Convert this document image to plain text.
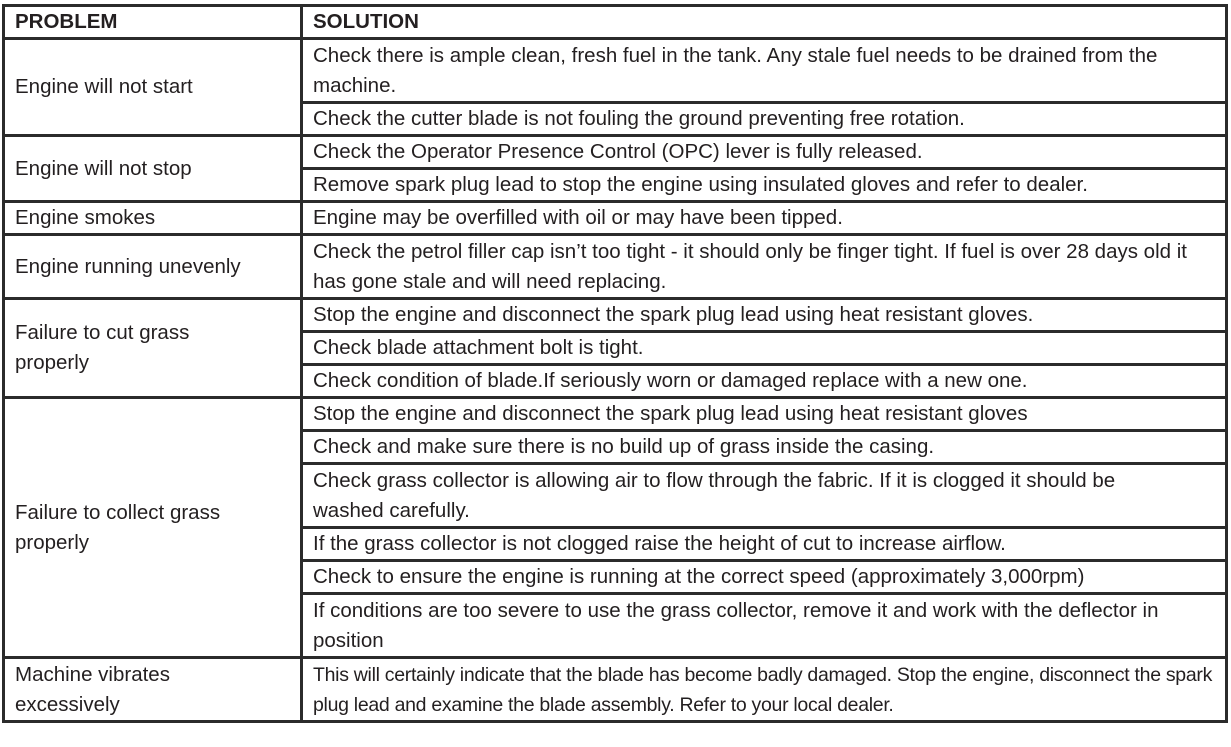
PROBLEM	SOLUTION
Engine will not start	Check there is ample clean, fresh fuel in the tank. Any stale fuel needs to be drained from the machine.
	Check the cutter blade is not fouling the ground preventing free rotation.
Engine will not stop	Check the Operator Presence Control (OPC) lever is fully released.
	Remove spark plug lead to stop the engine using insulated gloves and refer to dealer.
Engine smokes	Engine may be overfilled with oil or may have been tipped.
Engine running unevenly	Check the petrol filler cap isn’t too tight - it should only be finger tight. If fuel is over 28 days old it has gone stale and will need replacing.
Failure to cut grass properly	Stop the engine and disconnect the spark plug lead using heat resistant gloves.
	Check blade attachment bolt is tight.
	Check condition of blade.If seriously worn or damaged replace with a new one.
Failure to collect grass properly	Stop the engine and disconnect the spark plug lead using heat resistant gloves
	Check and make sure there is no build up of grass inside the casing.
	Check grass collector is allowing air to flow through the fabric. If it is clogged it should be washed carefully.
	If the grass collector is not clogged raise the height of cut to increase airflow.
	Check to ensure the engine is running at the correct speed (approximately 3,000rpm)
	If conditions are too severe to use the grass collector, remove it and work with the deflector in position
Machine vibrates excessively	This will certainly indicate that the blade has become badly damaged. Stop the engine, disconnect the spark plug lead and examine the blade assembly. Refer to your local dealer.
